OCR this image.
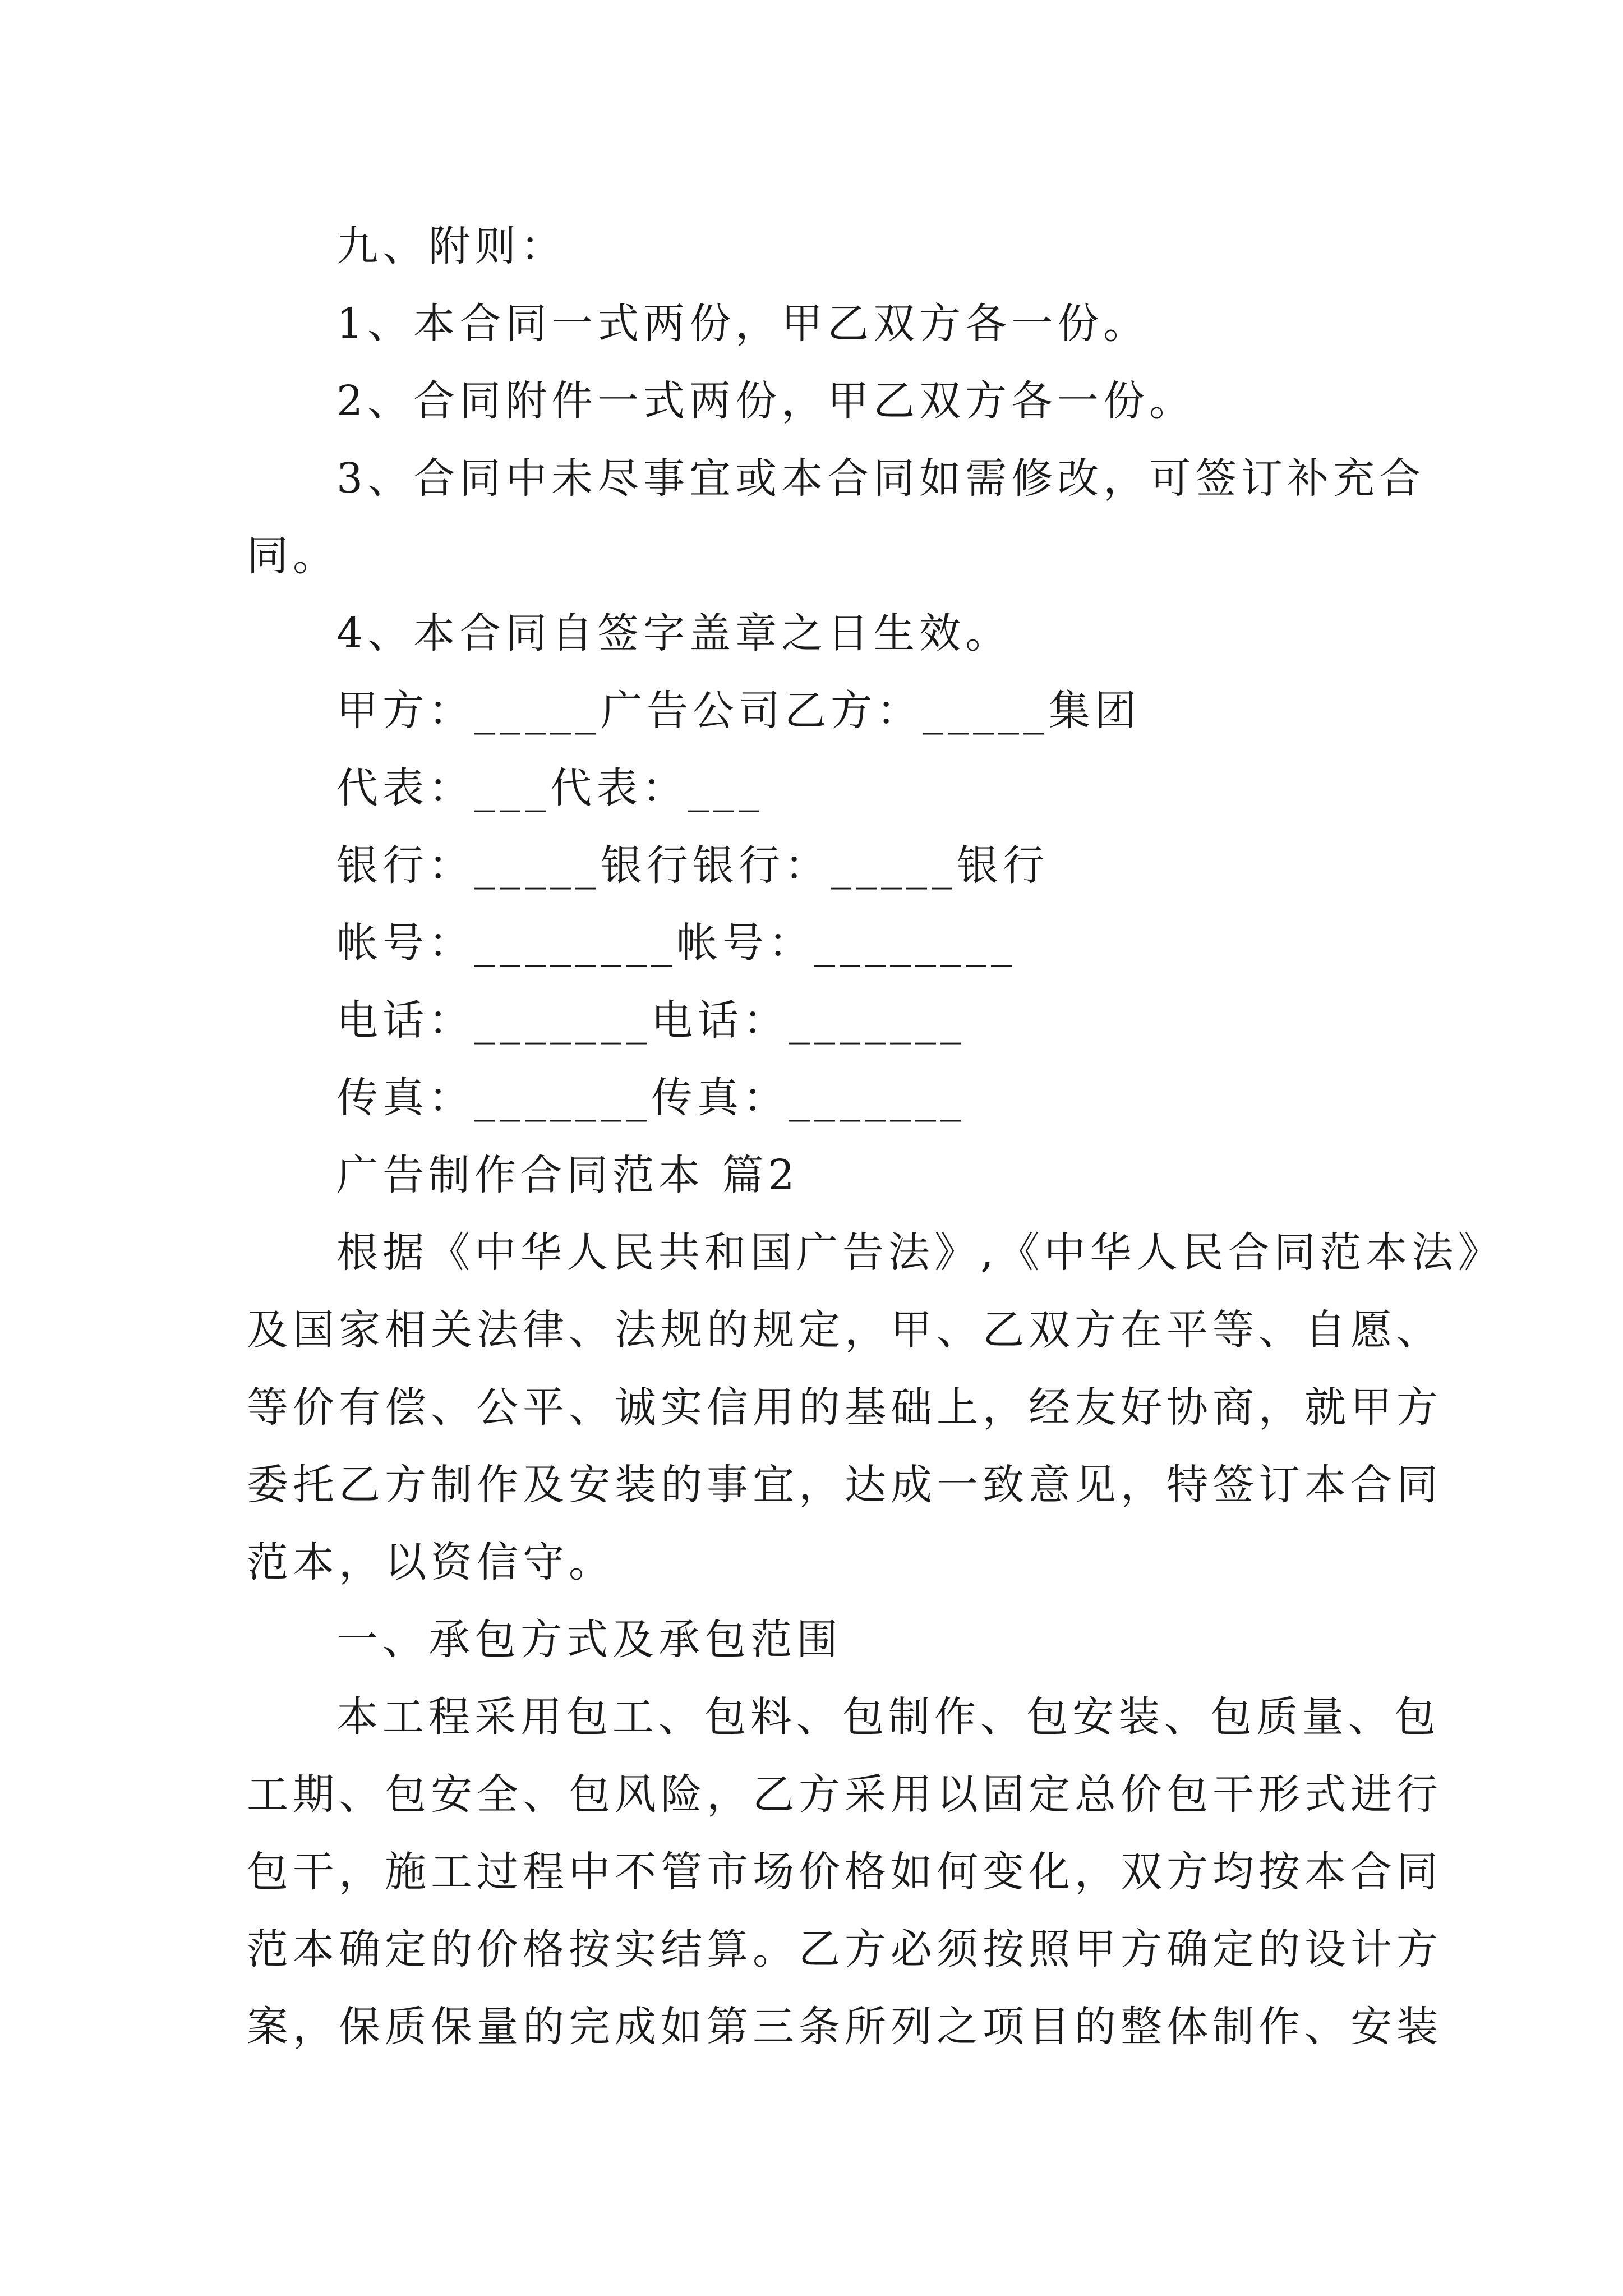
九、附则：
1、本合同一式两份，甲乙双方各一份。
2、合同附件一式两份，甲乙双方各一份。
3、合同中未尽事宜或本合同如需修改，可签订补充合
同。
4、本合同自签字盖章之日生效。
甲方：_____广告公司乙方：_____集团
代表：___代表：___
银行：_____银行银行：_____银行
帐号：________帐号：________
电话：_______电话：_______
传真：_______传真：_______
广告制作合同范本 篇2
根据《中华人民共和国广告法》,《中华人民合同范本法》
及国家相关法律、法规的规定，甲、乙双方在平等、自愿、
等价有偿、公平、诚实信用的基础上，经友好协商，就甲方
委托乙方制作及安装的事宜，达成一致意见，特签订本合同
范本，以资信守。
一、承包方式及承包范围
本工程采用包工、包料、包制作、包安装、包质量、包
工期、包安全、包风险，乙方采用以固定总价包干形式进行
包干，施工过程中不管市场价格如何变化，双方均按本合同
范本确定的价格按实结算。乙方必须按照甲方确定的设计方
案，保质保量的完成如第三条所列之项目的整体制作、安装
